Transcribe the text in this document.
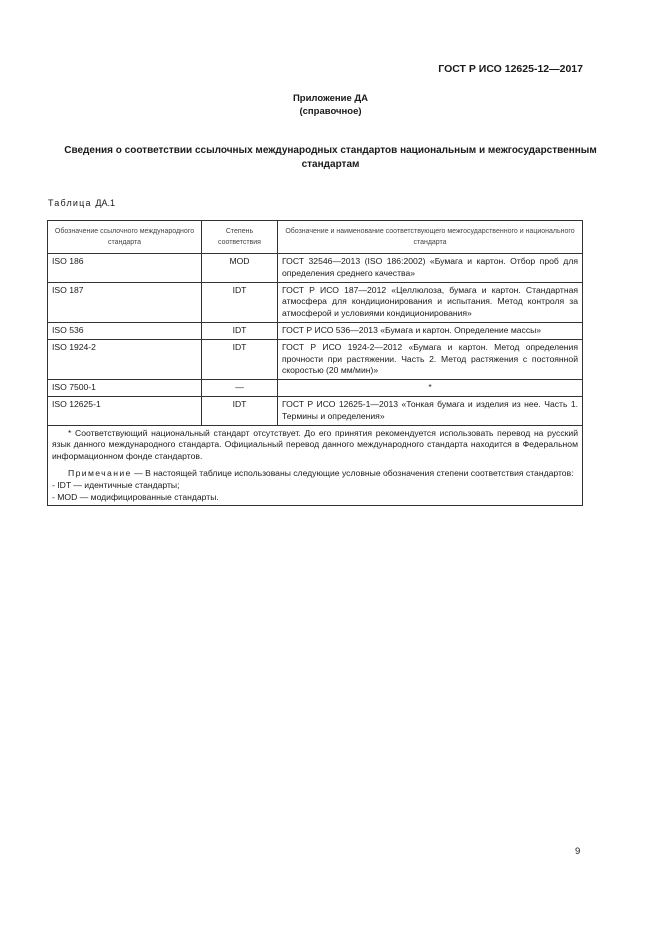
ГОСТ Р ИСО 12625-12—2017
Приложение ДА
(справочное)
Сведения о соответствии ссылочных международных стандартов национальным и межгосударственным стандартам
Таблица ДА.1
Обозначение ссылочного международного стандарта	Степень соответствия	Обозначение и наименование соответствующего межгосударственного и национального стандарта
ISO 186	MOD	ГОСТ 32546—2013 (ISO 186:2002) «Бумага и картон. Отбор проб для определения среднего качества»
ISO 187	IDT	ГОСТ Р ИСО 187—2012 «Целлюлоза, бумага и картон. Стандартная атмосфера для кондиционирования и испытания. Метод контроля за атмосферой и условиями кондиционирования»
ISO 536	IDT	ГОСТ Р ИСО 536—2013 «Бумага и картон. Определение массы»
ISO 1924-2	IDT	ГОСТ Р ИСО 1924-2—2012 «Бумага и картон. Метод определения прочности при растяжении. Часть 2. Метод растяжения с постоянной скоростью (20 мм/мин)»
ISO 7500-1	—	*
ISO 12625-1	IDT	ГОСТ Р ИСО 12625-1—2013 «Тонкая бумага и изделия из нее. Часть 1. Термины и определения»

* Соответствующий национальный стандарт отсутствует. До его принятия рекомендуется использовать перевод на русский язык данного международного стандарта. Официальный перевод данного международного стандарта находится в Федеральном информационном фонде стандартов.

Примечание — В настоящей таблице использованы следующие условные обозначения степени соответствия стандартов:

- IDT — идентичные стандарты;

- MOD — модифицированные стандарты.		

9
